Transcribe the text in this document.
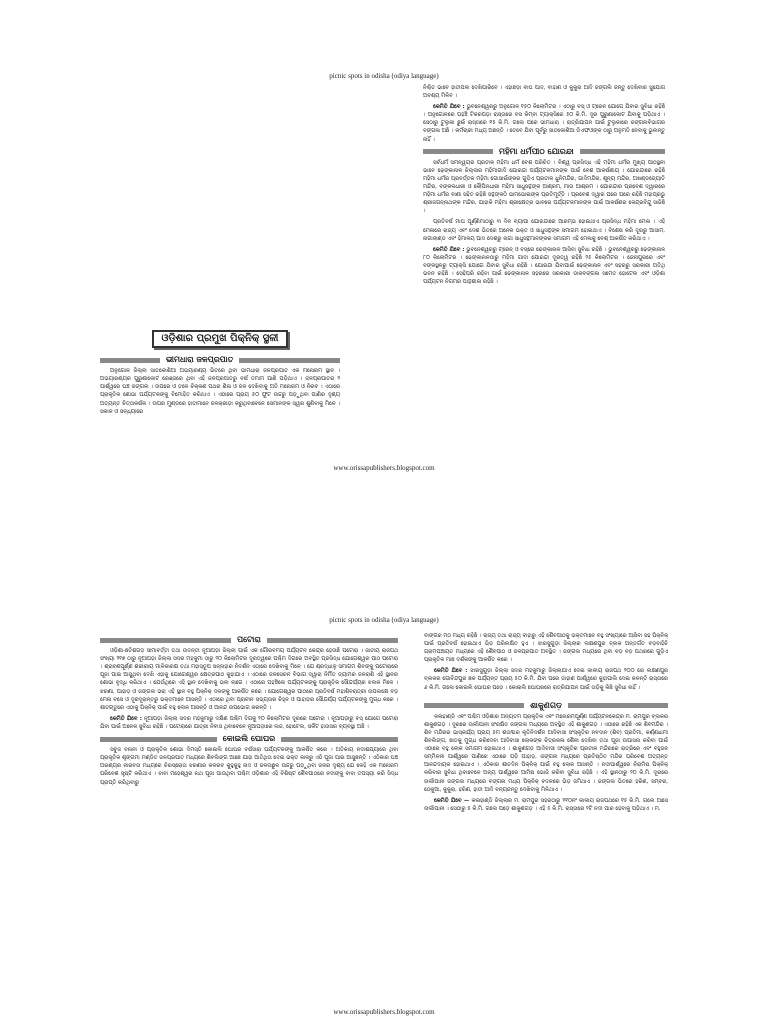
picnic spots in odisha (odiya language)

ନିଶ୍ଚିତ ଭାବେ ହାତୀପଲ ଦେଖିପାରିବେ । ଏହାଛଡ଼ା ବାଘ ପାଦ, ବାହାଣ ଓ କୁକୁରା ଆଦି ଜଙ୍ଗଲି ଜନ୍ତୁ ଦେଖିବାର ସୁଯୋଗ ଅବଶ୍ୟ ମିଳିବ ।

କେମିତି ଯିବେ : ଭୁବନେଶ୍ୱରରୁ ଅନୁଗୋଳ ୧୫୦ କିଲୋମିଟର । ଏଠାରୁ ବସ୍ ଓ ଟ୍ରେନ ଯୋଗେ ଯିବାର ସୁବିଧା ରହିଛି । ଅନୁଗୋଳରେ ପହଞ୍ଚି ଟିକରପଡ଼ା ରାସ୍ତାରେ ବସ କିମ୍ବା ଟ୍ୟାକ୍ସିରେ ୫୦ କି.ମି. ଦୂର ପୁରୁଣାକୋଟ ଯିବାକୁ ପଡ଼ିଥାଏ । ସେଠାରୁ ଟୁଲୁକା ଛୁଇଁ ରାସ୍ତାରେ ୧୫ କି.ମି. ଗଲେ ପରେ ଭୀମଧାରା । ରାତ୍ରିଯାପନ ପାଇଁ ଟୁଲୁକାରେ ଜଙ୍ଗଲବିଭାଗର ବଙ୍ଗଳା ଅଛି । କର୍ମଚାରୀ ମଧ୍ୟ ଅଛନ୍ତି । ତେବେ ଯିବା ପୂର୍ବରୁ ସାତକୋଶିଆ ଡିଏଫଓଙ୍କ ଠାରୁ ଅନୁମତି ନେବାକୁ ଭୁଲନ୍ତୁ ନାହିଁ ।

ମହିମା ଧର୍ମପୀଠ ଯୋରନ୍ଦା

ସର୍ବଧର୍ମ ସମନ୍ୱୟର ପ୍ରତୀକ ମହିମା ଧର୍ମ ବେଶ ପରିଚିତ । ବିଶ୍ୱ ପ୍ରସିଦ୍ଧ ଏହି ମହିମା ଧର୍ମର ମୁଖ୍ୟ ପୀଠସ୍ଥଳୀ ଭାବେ ଢେଙ୍କାନାଳ ଜିଲ୍ଲାର ମହିମାଗାଦି ଯୋରନ୍ଦା ପର୍ଯ୍ୟଟକମାନଙ୍କ ପାଇଁ ବେଶ ଆକର୍ଷଣୀୟ । ଯୋରନ୍ଦାରେ ରହିଛି ମହିମା ଧର୍ମର ପ୍ରବର୍ତ୍ତକ ମହିମା ଗୋସାଇଁଙ୍କର ଗୁଡ଼ିଏ ପ୍ରତୀକ ଧୁନିମନ୍ଦିର, ଗାଦିମନ୍ଦିର, ଶୂନ୍ୟ ମନ୍ଦିର, ଅଖଣ୍ଡଜ୍ୟୋତି ମନ୍ଦିର, ବଙ୍କଳଧାରୀ ଓ କୌପିନଧାରୀ ମହିମା ସାଧୁସନ୍ଥଙ୍କ ଆଶ୍ରମ, ମାତା ଆଶ୍ରମ । ଯୋରନ୍ଦାର ପ୍ରବେଶ ଦ୍ୱାରରେ ମହିମା ଧର୍ମର ବାଣୀ ସହିତ ରହିଛି ସନ୍ଥଙ୍କଠି ଭୀମଭୋଇଙ୍କ ପ୍ରତିମୂର୍ତ୍ତି । ପ୍ରବେଶ ଦ୍ୱାର ପରେ ପରେ ରହିଛି ମହାପ୍ରଭୁ ଶ୍ରୀଜଗନ୍ନାଥଙ୍କ ମନ୍ଦିର, ଯାହାକି ମହିମା ଶ୍ରୀକ୍ଷେତ୍ର ଭାବରେ ପର୍ଯ୍ୟଟକମାନଙ୍କ ପାଇଁ ଆକର୍ଷଣର କେନ୍ଦ୍ରବିନ୍ଦୁ ସାଜିଛି ।

ପ୍ରତିବର୍ଷ ମାଘ ପୂର୍ଣ୍ଣିମାଠାରୁ ୩ ଦିନ ବ୍ୟାପୀ ଯୋରନ୍ଦାରେ ଆରମ୍ଭ ହୋଇଥାଏ ପ୍ରସିଦ୍ଧ ମହିମା ମେଳା । ଏହି ମେଳାରେ ରାଜ୍ୟ ଏବଂ ଦେଶ ଭିତରେ ଅନେକ ଭକ୍ତ ଓ ସାଧୁସନ୍ଥଙ୍କ ସମାଗମ ହୋଇଥାଏ । ବିଶେଷ କରି ଦୂରରୁ ଆସାମ, ନାଗାଲାଣ୍ଡ ଏବଂ ହିମାଳୟ ପାଦ ଦେଶରୁ ନାଗା ସାଧୁସନ୍ଥମାନଙ୍କର ସମାଗମ ଏହି ମେଳାକୁ ବେଶ୍ ଆକର୍ଷିତ କରିଥାଏ ।

କେମିତି ଯିବେ : ଭୁବନେଶ୍ୱରରୁ ଟ୍ରେନ୍ ଓ ବସ୍‌ରେ ଢେଙ୍କାନାଳ ଆସିବା ସୁବିଧା ରହିଛି । ଭୁବନେଶ୍ୱରରୁ ଢେଙ୍କାନାଳ ୮୦ କିଲୋମିଟର । ଢେଙ୍କାନାଳଠାରୁ ମହିମା ଗାଦୀ ଯୋରନ୍ଦା ଦୂରତ୍ୱ ରହିଛି ୨୫ କିଲୋମିଟର । ଜେନାପୁରରେ ଏବଂ ବଙ୍କସ୍ଥଳରୁ ଟ୍ୟାକ୍ସି ଯୋଗେ ଯିବାର ସୁବିଧା ରହିଛି । ଯୋରନ୍ଦା ଯିବାପାଇଁ ଢେଙ୍କାନାଳ ଏବଂ ସହରରୁ ସରକାରୀ ଅତିଥି ଭବନ ରହିଛି । ସେହିପରି ରହିବା ପାଇଁ ଢେଙ୍କାନାଳ ସହରରେ ସରକାରୀ ଡାକବଙ୍ଗଳା ସମେତ ହୋଟେଲ ଏବଂ ଓଡ଼ିଶା ପର୍ଯ୍ୟଟନ ନିଗମର ପାନ୍ଥଶାଳା ରହିଛି ।

ଓଡ଼ିଶାର ପ୍ରମୁଖ ପିକ୍‌ନିକ୍ ସ୍ଥଳୀ
ଭୀମଧାରା ଜଳପ୍ରପାତ

ଅନୁଗୋଳ ଜିଲ୍ଲା ସାତକୋଶିଆ ଅଭୟାରଣ୍ୟ ଭିତରେ ଥିବା ଭୀମଧାରା ଜଳପ୍ରପାତ ଏକ ମନୋରମ ସ୍ଥାନ । ଅଭୟାରଣ୍ୟର ପୁରୁଣାକୋଟ ରେଞ୍ଜରେ ଥିବା ଏହି ଜଳପ୍ରପାତରୁ ବର୍ଷ ତମାମ ପାଣି ପଡ଼ିଥାଏ । ଜଳପ୍ରପାତର ୨ ପାର୍ଶ୍ୱରେ ଘଞ୍ଚ ଜଙ୍ଗଲ । ଉପରେ ଓ ତଳେ ଚିକ୍‌କଣ ପଥର ଶିଳା ଓ ଜଳ ଦେଖିବାକୁ ଅତି ମନୋରମ ଓ ନିରବ । ଏଠାରେ ପ୍ରାକୃତିକ ଶୋଭା ପର୍ଯ୍ୟଟକଙ୍କୁ ବିମୋହିତ କରିଥାଏ । ଏଠାରେ ପ୍ରାୟ ୫୦ ଫୁଟ ଉଚ୍ଚରୁ ପଡ଼ୁଥିବା ପାଣିର ଦୃଶ୍ୟ ଅତ୍ୟନ୍ତ ଚିତ୍ତାକର୍ଷକ । ଉପର ମୁଣ୍ଡରେ ହାତୀମାନେ ଜଳକ୍ରୀଡ଼ା କରୁଥିବାବେଳେ ସେମାନଙ୍କ ସ୍ୱର ଶୁଣିବାକୁ ମିଳେ । ସକାଳ ଓ ସନ୍ଧ୍ୟାରେ

www.orissapublishers.blogspot.com
picnic spots in odisha (odiya language)
ପଟୋରା

ଓଡ଼ିଶା-ଛତିଶଗଡ଼ ସୀମାବର୍ତ୍ତୀ ତଥା ଉଦନ୍ତୀ ନୂଆପଡ଼ା ଜିଲ୍ଲା ପାଇଁ ଏକ ଗୌରବମୟ ପର୍ଯ୍ୟଟନ କେନ୍ଦ୍ର ହେଉଛି ପଟୋରା । ଜାତୀୟ ରାଜପଥ ସଂଖ୍ୟା ୨୧୭ ଠାରୁ ନୂଆପଡ଼ା ଜିଲ୍ଲା ସଦର ମହକୁମା ଠାରୁ ୨୦ କିଲୋମିଟର ଦୂରତ୍ୱରେ ପଶ୍ଚିମ ଦିଗରେ ଅବସ୍ଥିତ ପ୍ରସିଦ୍ଧ ଯୋଗେଶ୍ୱର ପୀଠ ପଟୋରା । ଶ୍ରାବଣପୂର୍ଣ୍ଣ ଶରୀରୀୟ ମାଳିକାରକ୍ଷ ତଥା ମହାସ୍ତୂପ ସନ୍ନାହାର ନିଦର୍ଶନ ଏଠାରେ ଦେଖିବାକୁ ମିଳେ । ଯେ ଶ୍ରଦ୍ଧାଳୁ ସମାଗମ ଶିବଙ୍କୁ ପଟୋରାରେ ପୂଜା ପାଇ ଆସୁଥିବା ଦେଖି ଏହାକୁ ଯୋଗେଶ୍ୱର କ୍ଷେତ୍ରପୀଠ କୁହାଯାଏ । ଏଠାରେ ଜଳସେଚନ ବିଭାଗ ଦ୍ୱାରା ନିର୍ମିତ ଡ୍ୟାମର ଜଳରାଶି ଏହି ସ୍ଥାନର ଶୋଭା ବୃଦ୍ଧି କରିଥାଏ । ଯେଉଁଥିରେ ଏହି ସ୍ଥାନ ଦେଖିବାକୁ ଭଲ ଲାଗେ । ଏଠାରେ ପହଞ୍ଚିଲେ ପର୍ଯ୍ୟଟକଙ୍କୁ ପ୍ରାକୃତିକ ସୌନ୍ଦର୍ଯ୍ୟର ଝଲକ ମିଳେ । ଝରଣା, ପାହାଡ଼ ଓ ଜଙ୍ଗଲ ଭରା ଏହି ସ୍ଥାନ ବହୁ ପିକ୍‌ନିକ୍ ଦଳଙ୍କୁ ଆକର୍ଷିତ କରେ । ଯୋଗେଶ୍ୱର ପୀଠରେ ପ୍ରତିବର୍ଷ ମହାଶିବରାତ୍ରୀ ଉପଲକ୍ଷେ ବଡ଼ ମେଳା ବସେ ଓ ଦୂରଦୂରାନ୍ତରୁ ଭକ୍ତମାନେ ଆସନ୍ତି । ଏଠାରେ ଥିବା ପ୍ରାଚୀନ ସଭ୍ୟତାର ଚିହ୍ନ ଓ ପାହାଡ଼ର ସୌନ୍ଦର୍ଯ୍ୟ ପର୍ଯ୍ୟଟକଙ୍କୁ ମୁଗ୍ଧ କରେ । ଶୀତଋତୁରେ ଏଠାକୁ ପିକ୍‌ନିକ୍ ପାଇଁ ବହୁ ଲୋକ ଆସନ୍ତି ଓ ଆନନ୍ଦ ଉପଭୋଗ କରନ୍ତି ।

କେମିତି ଯିବେ : ନୂଆପଡ଼ା ଜିଲ୍ଲା ସଦର ମହକୁମାରୁ ଦକ୍ଷିଣ ପଶ୍ଚିମ ଦିଗକୁ ୨୦ କିଲୋମିଟର ଦୂରରେ ପଟୋରା । ନୂଆପଡ଼ାରୁ ବସ୍ ଯୋଗେ ପଟୋରା ଯିବା ପାଇଁ ଅନେକ ସୁବିଧା ରହିଛି । ପଟୋରାରେ ଯାତ୍ରୀ ନିବାସ ଥିବାବେଳେ ନୂଆପଡ଼ାରେ ଲଜ, ହୋଟେଲ, ସର୍କିଟ ହାଉସର ବ୍ୟବସ୍ଥା ଅଛି ।

କୋଇଲି ଘୋଘର

ସବୁଜ ବନାନୀ ଓ ପ୍ରାକୃତିକ ଶୋଭା ଦିମସ୍ତି କୋଇଲି ଘୋଘର ବର୍ଷସାରା ପର୍ଯ୍ୟଟକଙ୍କୁ ଆକର୍ଷିତ କରେ । ଅତିକାୟ ନଦୀଶଯ୍ୟାରେ ଥିବା ପ୍ରାକୃତିକ ଶୃଙ୍ଗମା ମଣ୍ଡିତ ଜଳପ୍ରପାତ ମଧ୍ୟରେ ଶିବଲିଙ୍ଗ ଆଛେ ଯାହା ଆତିଥିତା ଦେଇ ଭକ୍ତ କାଳରୁ ଏଠି ପୂଜା ପାଇ ଆସୁଛନ୍ତି । ଏଠିକାର ଘଞ୍ଚ ଅରଣ୍ୟର ନୀରବତା ମଧ୍ୟରେ ଚିରସ୍ରୋତା ଝରଣାର କଳରବ କୁହୁକୁହୁ ନାଦ ଓ ଜଳଉଛୁଳ ଉଚ୍ଚରୁ ପଡ଼ୁଥିବା ଜଳର ଦୃଶ୍ୟ ଯେ କେହି ଏକ ମନୋରମ ପରିବେଶ ସୃଷ୍ଟି କରିଥାଏ । ବାବା ମହେଶ୍ୱର ନାଥ ପୂଜା ପାଉଥିବା ପଶ୍ଚିମ ଓଡ଼ିଶାର ଏହି ବିଶିଷ୍ଟ ଶୈବପୀଠରେ ନଦୀଙ୍କୁ ବାବା ତପସ୍ୟା କରି ସିଦ୍ଧ ପ୍ରାପ୍ତି କରିଥିବାରୁ

ବାଙ୍ଗର ମଠ ମଧ୍ୟ ରହିଛି । ରାଜ୍ୟ ତଥା ରାଜ୍ୟ ବାହାରୁ ଏହି ଶୈବପୀଠକୁ ଭକ୍ତମାନେ ବହୁ ସଂଖ୍ୟାରେ ଆସିବା ସହ ପିକ୍‌ନିକ୍ ପାଇଁ ପ୍ରତିବର୍ଷ ହୋଇଥାଏ ଭିଡ଼ ପରିଲକ୍ଷିତ ହୁଏ । ଝାରସୁଗୁଡ଼ା ଜିଲ୍ଲାର ଲକ୍ଷଣପୁର ବ୍ଲକ ଅନ୍ତର୍ଗତ ବଡ଼ବାହିଚି ଗ୍ରାମପଞ୍ଚାୟତ ମଧ୍ୟରେ ଏହି ଶୈବପୀଠ ଓ ଜଳପ୍ରପାତ ଅବସ୍ଥିତ । ଜଙ୍ଗଲ ମଧ୍ୟରେ ଥିବା ବଡ଼ ବଡ଼ ପଥରରେ ଗୁଡ଼ିଏ ପ୍ରାକୃତିକ ମାଛ ଦର୍ଶକଙ୍କୁ ଆକର୍ଷିତ କରେ ।

କେମିତି ଯିବେ : ଝାରସୁଗୁଡ଼ା ଜିଲ୍ଲା ସଦର ମହକୁମାରୁ ଜିଲ୍ଲାଯାଏ ଦେଇ କାଳୀୟ ରାଜପଥ ୨୦୦ ରେ ଲକ୍ଷଣପୁର ବ୍ଲକର ଗୋବିନ୍ଦପୁର ଛକ ପର୍ଯ୍ୟନ୍ତ ପ୍ରାୟ ୫୦ କି.ମି. ଯିବା ପରେ ଡାହାଣ ପାର୍ଶ୍ୱରେ କୁହାପାଲି ଦେଇ କଳନ୍ତି ରାସ୍ତାରେ ୬ କି.ମି. ଗଲେ କୋଇଲି ଘୋଘର ପଡ଼େ । କୋଇଲି ଘୋଘରରେ ରାତ୍ରିଯାପନ ପାଇଁ ତାଡ଼ିକୁ କିଛି ସୁବିଧା ନାହିଁ ।

ଶାକୁଣଗଡ଼

କଳାହାଣ୍ଡି ଏବଂ ପଶ୍ଚିମ ଓଡ଼ିଶାର ଅନ୍ୟତମ ପ୍ରାକୃତିକ ଏବଂ ମନୋରମପୂର୍ଣ୍ଣ ପର୍ଯ୍ୟଟନକେନ୍ଦ୍ର ମ. ରାମପୁର ବ୍ଲକର ଶାକୁଣଗଡ଼ । ଦୂରରେ ଉର୍ଲାପାନୀ ସଂରକ୍ଷିତ ଜଙ୍ଗଲ ମଧ୍ୟରେ ଅବସ୍ଥିତ ଏହି ଶାକୁଣଗଡ଼ । ଏଠାରେ ରହିଛି ଏକ ଶିବମନ୍ଦିର । ଶିବ ମନ୍ଦିରର ଭାସ୍କର୍ଯ୍ୟ ପ୍ରାୟ ୫ମ ଶତାବ୍ଦୀର କୃତିନିଦର୍ଶନ ଆଦିବାସୀ ସଂସ୍କୃତିର ନବଦାନ (ଶିବ) ପ୍ରତିମା, କର୍ଣ୍ଣଧାମୀ ଶିବଲିଙ୍ଗ, ଛାତକୁ ମୁଗ୍ଧ କରିଦେବା ଆଦିବାସୀ ଲୋକଙ୍କ ଚିତ୍ରକଳା ଶୈଳୀ ଦେଖିବା ତଥା ପୂଜା ଉପାସନା କରିବା ପାଇଁ ଏଠାରେ ବହୁ ଲୋକ ସମାଗମ ହୋଇଥାଏ । ଶାକୁଣଗଡ଼ ଆଦିବାସୀ ସଂସ୍କୃତିର ପ୍ରତୀକ ମନ୍ଦିରରେ ରାତ୍ରିରେ ଏବଂ ବହୁଜନ ସମ୍ମିଳନୀ ପାର୍ଶ୍ୱରେ ପାଣିରେ ଏଠାରେ ପଡ଼ି ପାହାଡ଼, ଜଙ୍ଗଲ ମଧ୍ୟରେ ପ୍ରତିଷ୍ଠିତ ମନ୍ଦିର ପରିବେଶ ଅତ୍ୟନ୍ତ ଆନନ୍ଦଦାୟକ ହୋଇଥାଏ । ଏଠିକାର ଶୀତଦିନ ପିକ୍‌ନିକ୍ ପାଇଁ ବହୁ ଲୋକ ଆସନ୍ତି । ନଦୀପାର୍ଶ୍ୱରେ ନିରାମିଷ ପିକ୍‌ନିକ୍ କରିବାର ସୁବିଧା ଥିବାବେଳେ ଅନ୍ୟ ପାର୍ଶ୍ୱରେ ଆମିଷ ଭୋଜି କରିବା ସୁବିଧା ରହିଛି । ଏହି ସ୍ଥାନଠାରୁ ୨୦ କି.ମି. ଦୂରରେ ଉର୍ଲାପାନୀ ଜଙ୍ଗଲ ମଧ୍ୟରେ ବଙ୍ଗଳା ମଧ୍ୟ ପିକ୍‌ନିକ୍ ବଦଳରେ ଭିଡ଼ ଜମିଥାଏ । ଜଙ୍ଗଲ ଭିତରେ ହରିଣ, ସମ୍ବର, ଠେକୁଆ, କୁକୁରା, ହରିଣ, ହାତୀ ଆଦି ବନ୍ୟଜନ୍ତୁ ଦେଖିବାକୁ ମିଳିଥାଏ ।

କେମିତି ଯିବେ — କଳାହାଣ୍ଡି ଜିଲ୍ଲାର ମ. ରାମପୁର ସହରଠାରୁ ୨୧୦ନଂ କାଳୀୟ ରାଜପଥରେ ୧୫ କି.ମି. ଗଲେ ଆସେ ଉର୍ଲାପାନୀ । ସେଠାରୁ ୫ କି.ମି. ଗଲେ ପଡ଼େ ଶାକୁଣଗଡ଼ । ଏହି ୫ କି.ମି. ରାସ୍ତାରେ ୨ଟି ନଦୀ ପାର ହେବାକୁ ପଡ଼ିଥାଏ । ମ.

www.orissapublishers.blogspot.com
